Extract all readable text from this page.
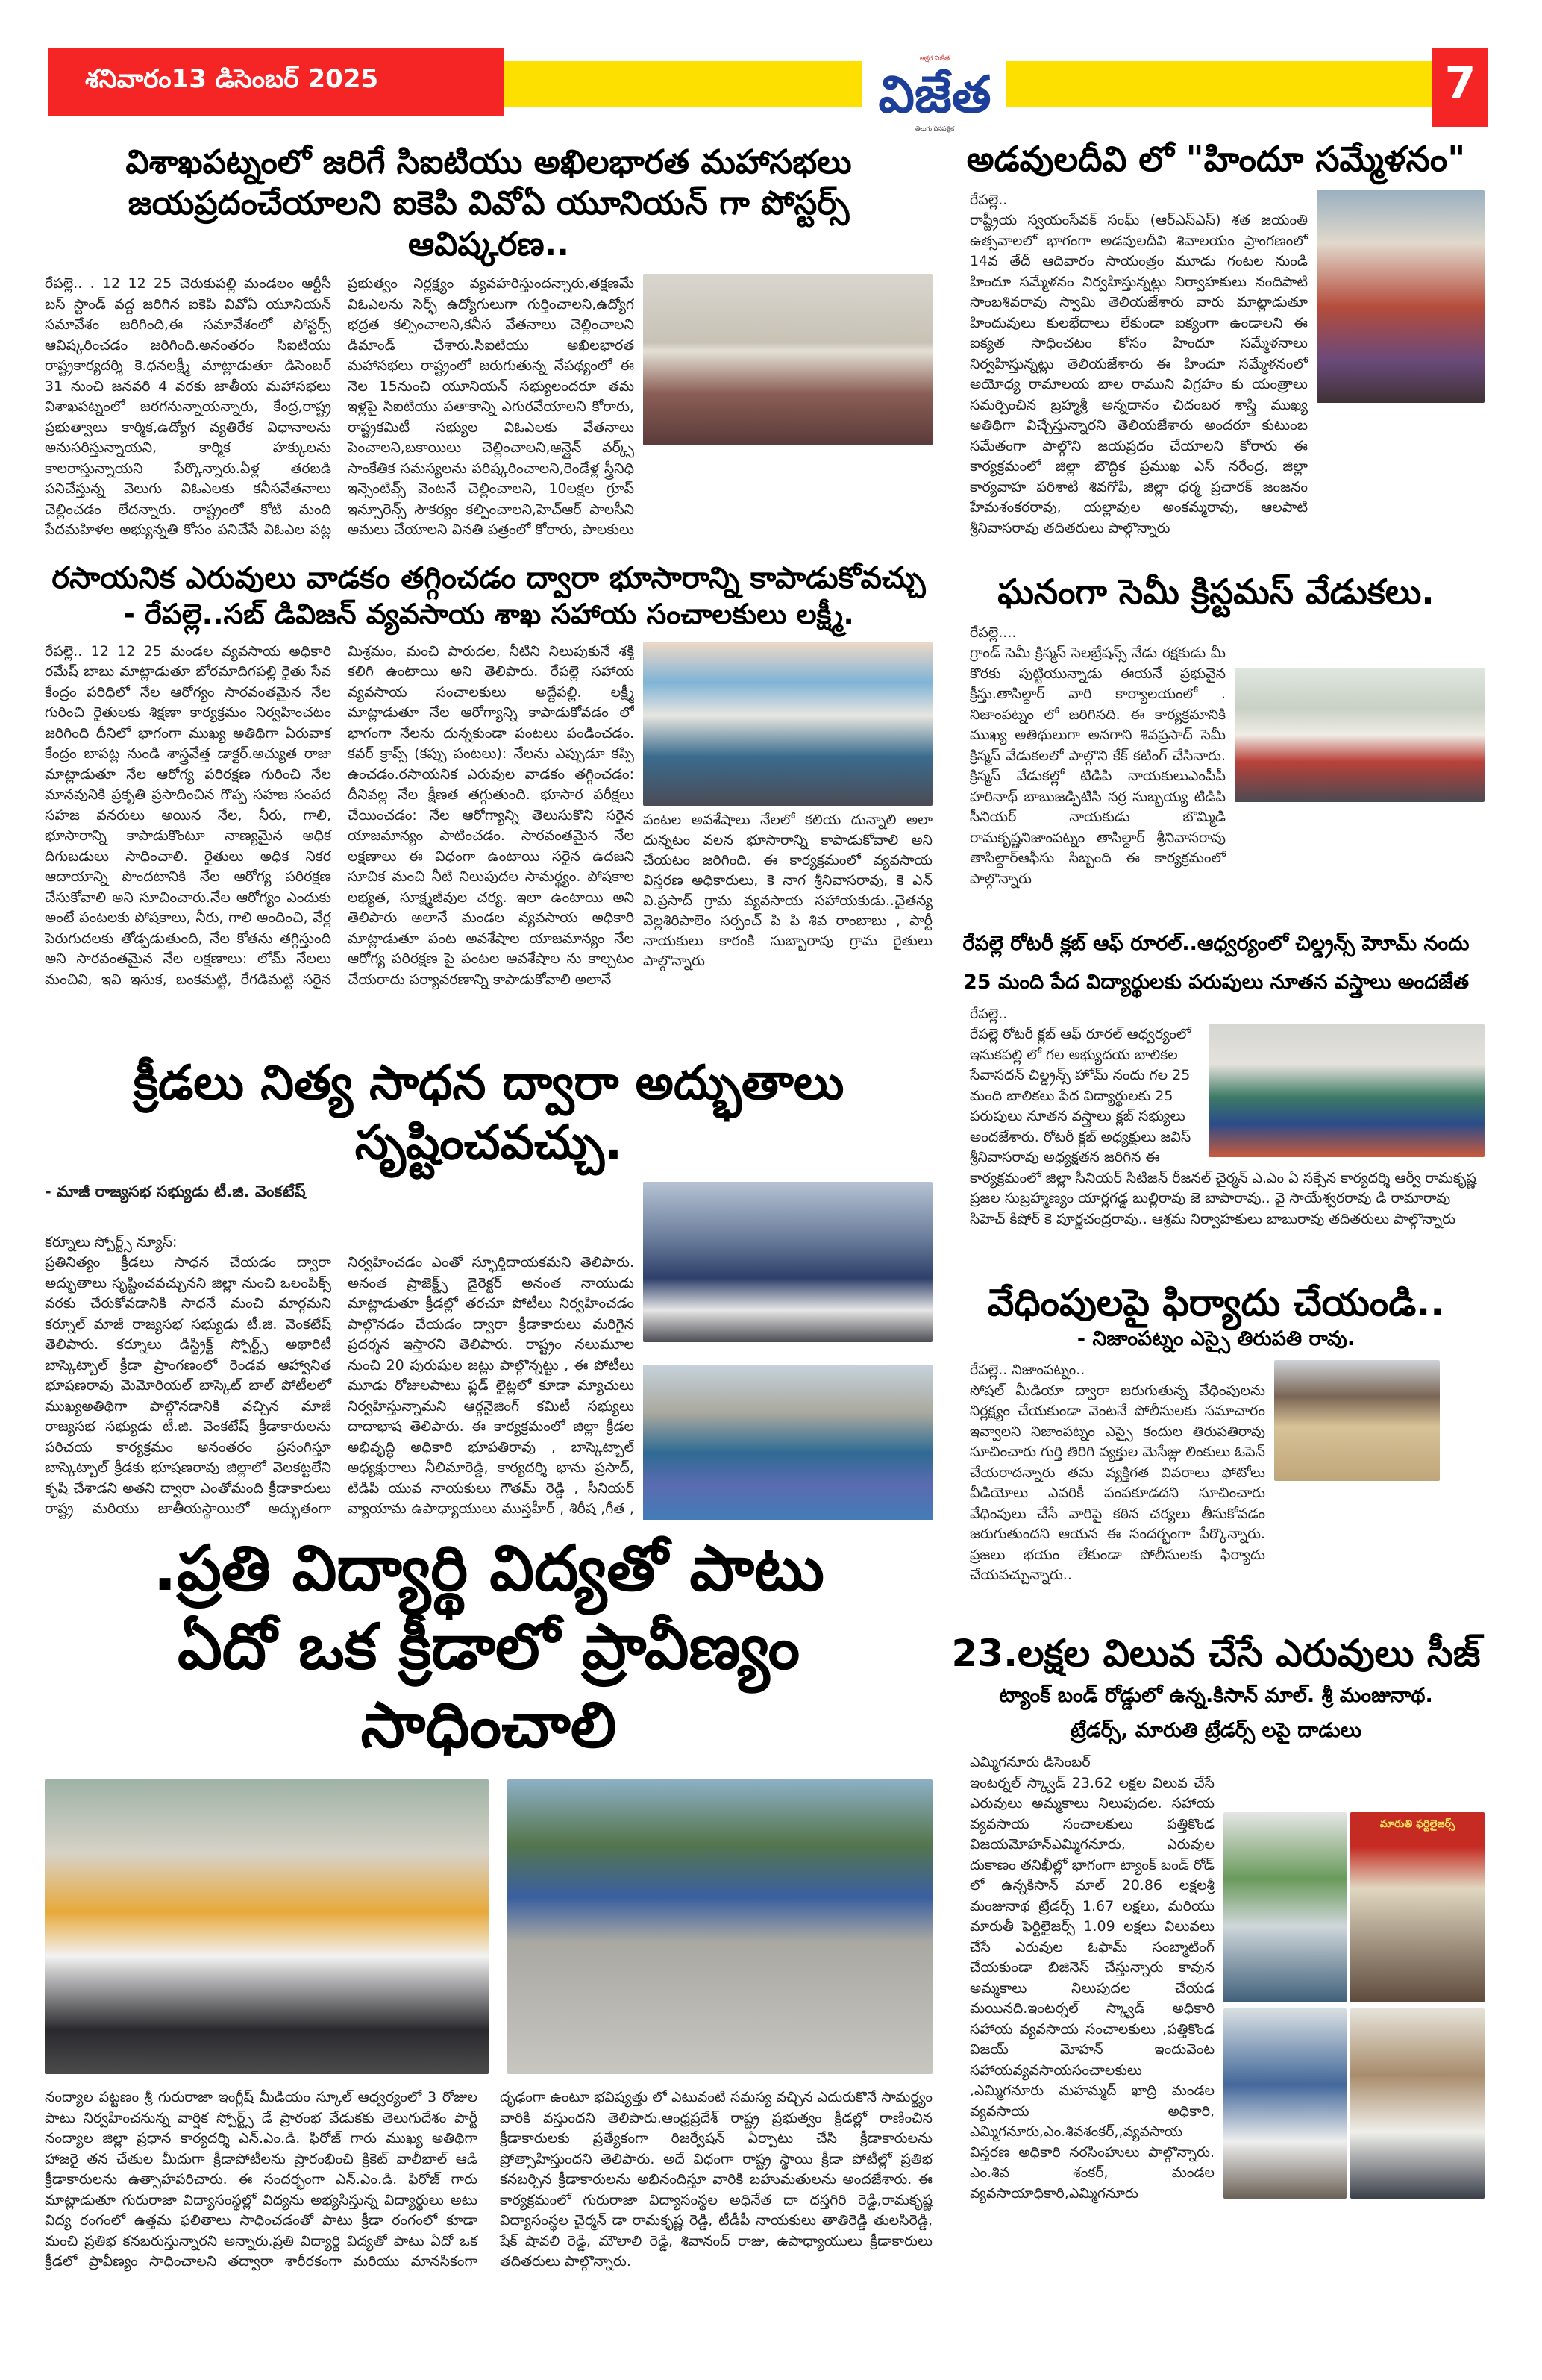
శనివారం13 డిసెంబర్ 2025
అక్షర విజేత
విజేత
తెలుగు దినపత్రిక
7
విశాఖపట్నంలో జరిగే సిఐటియు అఖిలభారత మహాసభలు
జయప్రదంచేయాలని ఐకెపి వివోఏ యూనియన్ గా పోస్టర్స్ ఆవిష్కరణ..
రేపల్లె.. . 12 12 25 చెరుకుపల్లి మండలం ఆర్టీసీ బస్ స్టాండ్ వద్ద జరిగిన ఐకెపి వివోఏ యూనియన్ సమావేశం జరిగింది,ఈ సమావేశంలో పోస్టర్స్ ఆవిష్కరించడం జరిగింది.అనంతరం సిఐటియు రాష్ట్రకార్యదర్శి కె.ధనలక్ష్మీ మాట్లాడుతూ డిసెంబర్ 31 నుంచి జనవరి 4 వరకు జాతీయ మహాసభలు విశాఖపట్నంలో జరగనున్నాయన్నారు, కేంద్ర,రాష్ట్ర ప్రభుత్వాలు కార్మిక,ఉద్యోగ వ్యతిరేక విధానాలను అనుసరిస్తున్నాయని, కార్మిక హక్కులను కాలరాస్తున్నాయని పేర్కొన్నారు.ఏళ్ల తరబడి పనిచేస్తున్న వెలుగు విఓఎలకు కనీసవేతనాలు చెల్లించడం లేదన్నారు. రాష్ట్రంలో కోటి మంది పేదమహిళల అభ్యున్నతి కోసం పనిచేసే విఓఎల పట్ల ప్రభుత్వం నిర్లక్ష్యం వ్యవహరిస్తుందన్నారు,తక్షణమే విఓఎలను సెర్ఫ్ ఉద్యోగులుగా గుర్తించాలని,ఉద్యోగ భద్రత కల్పించాలని,కనీస వేతనాలు చెల్లించాలని డిమాండ్ చేశారు.సిఐటియు అఖిలభారత మహాసభలు రాష్ట్రంలో జరుగుతున్న నేపథ్యంలో ఈ నెల 15నుంచి యూనియన్ సభ్యులందరూ తమ ఇళ్లపై సిఐటియు పతాకాన్ని ఎగురవేయాలని కోరారు, రాష్ట్రకమిటీ సభ్యుల విఓఎలకు వేతనాలు పెంచాలని,బకాయిలు చెల్లించాలని,ఆన్లైన్ వర్క్స్ సాంకేతిక సమస్యలను పరిష్కరించాలని,రెండేళ్ల స్త్రీనిధి ఇన్సెంటివ్స్ వెంటనే చెల్లించాలని, 10లక్షల గ్రూప్ ఇన్సూరెన్స్ సౌకర్యం కల్పించాలని,హెచ్ఆర్ పాలసీని అమలు చేయాలని వినతి పత్రంలో కోరారు, పాలకులు
రసాయనిక ఎరువులు వాడకం తగ్గించడం ద్వారా భూసారాన్ని కాపాడుకోవచ్చు
- రేపల్లె..సబ్ డివిజన్ వ్యవసాయ శాఖ సహాయ సంచాలకులు లక్ష్మీ.
రేపల్లె.. 12 12 25 మండల వ్యవసాయ అధికారి రమేష్ బాబు మాట్లాడుతూ బోరమాదిగపల్లి రైతు సేవ కేంద్రం పరిధిలో నేల ఆరోగ్యం సారవంతమైన నేల గురించి రైతులకు శిక్షణా కార్యక్రమం నిర్వహించటం జరిగింది దీనిలో భాగంగా ముఖ్య అతిథిగా ఏరువాక కేంద్రం బాపట్ల నుండి శాస్త్రవేత్త డాక్టర్.అచ్యుత రాజు మాట్లాడుతూ నేల ఆరోగ్య పరిరక్షణ గురించి నేల మానవునికి ప్రకృతి ప్రసాదించిన గొప్ప సహజ సంపద సహజ వనరులు అయిన నేల, నీరు, గాలి, భూసారాన్ని కాపాడుకొంటూ నాణ్యమైన అధిక దిగుబడులు సాధించాలి. రైతులు అధిక నికర ఆదాయాన్ని పొందటానికి నేల ఆరోగ్య పరిరక్షణ చేసుకోవాలి అని సూచించారు.నేల ఆరోగ్యం ఎందుకు అంటే పంటలకు పోషకాలు, నీరు, గాలి అందించి, వేర్ల పెరుగుదలకు తోడ్పడుతుంది, నేల కోతను తగ్గిస్తుంది అని సారవంతమైన నేల లక్షణాలు: లోమ్ నేలలు మంచివి, ఇవి ఇసుక, బంకమట్టి, రేగడిమట్టి సరైన మిశ్రమం, మంచి పారుదల, నీటిని నిలుపుకునే శక్తి కలిగి ఉంటాయి అని తెలిపారు. రేపల్లె సహాయ వ్యవసాయ సంచాలకులు అద్దేపల్లి. లక్ష్మీ మాట్లాడుతూ నేల ఆరోగ్యాన్ని కాపాడుకోవడం లో భాగంగా నేలను దున్నకుండా పంటలు పండించడం. కవర్ క్రాప్స్ (కప్పు పంటలు): నేలను ఎప్పుడూ కప్పి ఉంచడం.రసాయనిక ఎరువుల వాడకం తగ్గించడం: దీనివల్ల నేల క్షీణత తగ్గుతుంది. భూసార పరీక్షలు చేయించడం: నేల ఆరోగ్యాన్ని తెలుసుకొని సరైన యాజమాన్యం పాటించడం. సారవంతమైన నేల లక్షణాలు ఈ విధంగా ఉంటాయి సరైన ఉదజని సూచిక మంచి నీటి నిలుపుదల సామర్థ్యం. పోషకాల లభ్యత, సూక్ష్మజీవుల చర్య. ఇలా ఉంటాయి అని తెలిపారు అలానే మండల వ్యవసాయ అధికారి మాట్లాడుతూ పంట అవశేషాల యాజమాన్యం నేల ఆరోగ్య పరిరక్షణ పై పంటల అవశేషాల ను కాల్చటం చేయరాదు పర్యావరణాన్ని కాపాడుకోవాలి అలానే
పంటల అవశేషాలు నేలలో కలియ దున్నాలి అలా దున్నటం వలన భూసారాన్ని కాపాడుకోవాలి అని చేయటం జరిగింది. ఈ కార్యక్రమంలో వ్యవసాయ విస్తరణ అధికారులు, కె నాగ శ్రీనివాసరావు, కె ఎన్ వి.ప్రసాద్ గ్రామ వ్యవసాయ సహాయకుడు..చైతన్య వెల్లశిరిపాలెం సర్పంచ్ పి పి శివ రాంబాబు , పార్టీ నాయకులు కారంకి సుబ్బారావు గ్రామ రైతులు పాల్గొన్నారు
క్రీడలు నిత్య సాధన ద్వారా అద్భుతాలు సృష్టించవచ్చు.
- మాజీ రాజ్యసభ సభ్యుడు టీ.జి. వెంకటేష్
కర్నూలు స్పోర్ట్స్ న్యూస్:
ప్రతినిత్యం క్రీడలు సాధన చేయడం ద్వారా అద్భుతాలు సృష్టించవచ్చునని జిల్లా నుంచి ఒలంపిక్స్ వరకు చేరుకోవడానికి సాధనే మంచి మార్గమని కర్నూల్ మాజీ రాజ్యసభ సభ్యుడు టీ.జి. వెంకటేష్ తెలిపారు. కర్నూలు డిస్ట్రిక్ట్ స్పోర్ట్స్ అథారిటీ బాస్కెట్బాల్ క్రీడా ప్రాంగణంలో రెండవ ఆహ్వానిత భూషణరావు మెమోరియల్ బాస్కెట్ బాల్ పోటీలలో ముఖ్యఅతిథిగా పాల్గొనడానికి వచ్చిన మాజీ రాజ్యసభ సభ్యుడు టీ.జి. వెంకటేష్ క్రీడాకారులను పరిచయ కార్యక్రమం అనంతరం ప్రసంగిస్తూ బాస్కెట్బాల్ క్రీడకు భూషణరావు జిల్లాలో వెలకట్టలేని కృషి చేశాడని అతని ద్వారా ఎంతోమంది క్రీడాకారులు రాష్ట్ర మరియు జాతీయస్థాయిలో అద్భుతంగా నిర్వహించడం ఎంతో స్ఫూర్తిదాయకమని తెలిపారు. అనంత ప్రాజెక్ట్స్ డైరెక్టర్ అనంత నాయుడు మాట్లాడుతూ క్రీడల్లో తరచూ పోటీలు నిర్వహించడం పాల్గొనడం చేయడం ద్వారా క్రీడాకారులు మరిగైన ప్రదర్శన ఇస్తారని తెలిపారు. రాష్ట్రం నలుమూల నుంచి 20 పురుషుల జట్లు పాల్గొన్నట్టు , ఈ పోటీలు మూడు రోజులపాటు ఫ్లడ్ లైట్లలో కూడా మ్యాచులు నిర్వహిస్తున్నామని ఆర్గనైజింగ్ కమిటీ సభ్యులు దాదాభాష తెలిపారు. ఈ కార్యక్రమంలో జిల్లా క్రీడల అభివృద్ధి అధికారి భూపతిరావు , బాస్కెట్బాల్ అధ్యక్షురాలు నీలిమారెడ్డి, కార్యదర్శి భాను ప్రసాద్, టిడిపి యువ నాయకులు గౌతమ్ రెడ్డి , సీనియర్ వ్యాయామ ఉపాధ్యాయులు ముస్తహీర్ , శిరీష ,గీత ,
.ప్రతి విద్యార్థి విద్యతో పాటు
ఏదో ఒక క్రీడాలో ప్రావీణ్యం సాధించాలి
నంద్యాల పట్టణం శ్రీ గురురాజా ఇంగ్లీష్ మీడియం స్కూల్ ఆధ్వర్యంలో 3 రోజుల పాటు నిర్వహించనున్న వార్షిక స్పోర్ట్స్ డే ప్రారంభ వేడుకకు తెలుగుదేశం పార్టీ నంద్యాల జిల్లా ప్రధాన కార్యదర్శి ఎన్.ఎం.డి. ఫిరోజ్ గారు ముఖ్య అతిథిగా హాజరై తన చేతుల మీదుగా క్రీడాపోటీలను ప్రారంభించి క్రికెట్ వాలీబాల్ ఆడి క్రీడాకారులను ఉత్సాహపరిచారు. ఈ సందర్భంగా ఎన్.ఎం.డి. ఫిరోజ్ గారు మాట్లాడుతూ గురురాజా విద్యాసంస్థల్లో విద్యను అభ్యసిస్తున్న విద్యార్థులు అటు విద్య రంగంలో ఉత్తమ ఫలితాలు సాధించడంతో పాటు క్రీడా రంగంలో కూడా మంచి ప్రతిభ కనబరుస్తున్నారని అన్నారు.ప్రతి విద్యార్థి విద్యతో పాటు ఏదో ఒక క్రీడలో ప్రావీణ్యం సాధించాలని తద్వారా శారీరకంగా మరియు మానసికంగా దృఢంగా ఉంటూ భవిష్యత్తు లో ఎటువంటి సమస్య వచ్చిన ఎదురుకొనే సామర్థ్యం వారికి వస్తుందని తెలిపారు.ఆంధ్రప్రదేశ్ రాష్ట్ర ప్రభుత్వం క్రీడల్లో రాణించిన క్రీడాకారులకు ప్రత్యేకంగా రిజర్వేషన్ ఏర్పాటు చేసి క్రీడాకారులను ప్రోత్సాహిస్తుందని తెలిపారు. అదే విధంగా రాష్ట్ర స్థాయి క్రీడా పోటీల్లో ప్రతిభ కనబర్చిన క్రీడాకారులను అభినందిస్తూ వారికి బహుమతులను అందజేశారు. ఈ కార్యక్రమంలో గురురాజా విద్యాసంస్థల అధినేత దా దస్తగిరి రెడ్డి,రామకృష్ణ విద్యాసంస్థల చైర్మన్ డా రామకృష్ణ రెడ్డి, టీడీపీ నాయకులు తాతిరెడ్డి తులసిరెడ్డి, షేక్ షావలి రెడ్డి, మౌలాలి రెడ్డి, శివానంద్ రాజు, ఉపాధ్యాయులు క్రీడాకారులు తదితరులు పాల్గొన్నారు.
అడవులదీవి లో "హిందూ సమ్మేళనం"
రేపల్లె..
రాష్ట్రీయ స్వయంసేవక్ సంఘ్ (ఆర్ఎస్ఎస్) శత జయంతి ఉత్సవాలలో భాగంగా అడవులదీవి శివాలయం ప్రాంగణంలో 14వ తేదీ ఆదివారం సాయంత్రం మూడు గంటల నుండి హిందూ సమ్మేళనం నిర్వహిస్తున్నట్లు నిర్వాహకులు నందిపాటి సాంబశివరావు స్వామి తెలియజేశారు వారు మాట్లాడుతూ హిందువులు కులభేదాలు లేకుండా ఐక్యంగా ఉండాలని ఈ ఐక్యత సాధించటం కోసం హిందూ సమ్మేళనాలు నిర్వహిస్తున్నట్లు తెలియజేశారు ఈ హిందూ సమ్మేళనంలో అయోధ్య రామాలయ బాల రాముని విగ్రహం కు యంత్రాలు సమర్పించిన బ్రహ్మశ్రీ అన్నదానం చిదంబర శాస్త్రి ముఖ్య అతిథిగా విచ్చేస్తున్నారని తెలియజేశారు అందరూ కుటుంబ సమేతంగా పాల్గొని జయప్రదం చేయాలని కోరారు ఈ కార్యక్రమంలో జిల్లా బౌద్ధిక ప్రముఖ ఎస్ నరేంద్ర, జిల్లా కార్యవాహ పరిశాటి శివగోపి, జిల్లా ధర్మ ప్రచారక్ జంజనం హేమశంకరరావు, యల్లావుల అంకమ్మరావు, ఆలపాటి శ్రీనివాసరావు తదితరులు పాల్గొన్నారు
ఘనంగా సెమీ క్రిస్టమస్ వేడుకలు.
రేపల్లె....
గ్రాండ్ సెమీ క్రిస్మస్ సెలబ్రేషన్స్ నేడు రక్షకుడు మీ కొరకు పుట్టియున్నాడు ఈయనే ప్రభువైన క్రీస్తు.తాసిల్దార్ వారి కార్యాలయంలో . నిజాంపట్నం లో జరిగినది. ఈ కార్యక్రమానికి ముఖ్య అతిథులుగా అనగాని శివప్రసాద్ సెమీ క్రిస్మస్ వేడుకలలో పాల్గొని కేక్ కటింగ్ చేసినారు. క్రిస్మస్ వేడుకల్లో టిడిపి నాయకులుఎంపీపీ హరినాథ్ బాబుజడ్పిటిసి నర్ర సుబ్బయ్య టిడిపి సీనియర్ నాయకుడు బొమ్మిడి రామకృష్ణనిజాంపట్నం తాసిల్దార్ శ్రీనివాసరావు తాసిల్దార్ఆఫీసు సిబ్బంది ఈ కార్యక్రమంలో పాల్గొన్నారు
రేపల్లె రోటరీ క్లబ్ ఆఫ్ రూరల్..ఆధ్వర్యంలో చిల్డ్రన్స్ హెూమ్ నందు
25 మంది పేద విద్యార్థులకు పరుపులు నూతన వస్త్రాలు అందజేత
రేపల్లె..
రేపల్లె రోటరీ క్లబ్ ఆఫ్ రూరల్ ఆధ్వర్యంలో ఇసుకపల్లి లో గల అభ్యుదయ బాలికల సేవాసదన్ చిల్డ్రన్స్ హోమ్ నందు గల 25 మంది బాలికలు పేద విద్యార్థులకు 25 పరుపులు నూతన వస్త్రాలు క్లబ్ సభ్యులు అందజేశారు. రోటరీ క్లబ్ అధ్యక్షులు జవిస్ శ్రీనివాసరావు అధ్యక్షతన జరిగిన ఈ కార్యక్రమంలో జిల్లా సీనియర్ సిటిజన్ రీజనల్ చైర్మన్ ఎ.ఎం ఏ సక్సేన కార్యదర్శి ఆర్వీ రామకృష్ణ ప్రజల సుబ్రహ్మణ్యం యార్లగడ్డ బుల్లిరావు జె బాపారావు.. వై సాయేశ్వరరావు డి రామారావు సిహెచ్ కిషోర్ కె పూర్ణచంద్రరావు.. ఆశ్రమ నిర్వాహకులు బాబురావు తదితరులు పాల్గొన్నారు
వేధింపులపై ఫిర్యాదు చేయండి..
- నిజాంపట్నం ఎస్సై తిరుపతి రావు.
రేపల్లె.. నిజాంపట్నం..
సోషల్ మీడియా ద్వారా జరుగుతున్న వేధింపులను నిర్లక్ష్యం చేయకుండా వెంటనే పోలీసులకు సమాచారం ఇవ్వాలని నిజాంపట్నం ఎస్సై కందుల తిరుపతిరావు సూచించారు గుర్తి తిరిగి వ్యక్తుల మెసేజ్లు లింకులు ఓపెన్ చేయరాదన్నారు తమ వ్యక్తిగత వివరాలు ఫోటోలు వీడియోలు ఎవరికీ పంపకూడదని సూచించారు వేధింపులు చేసే వారిపై కఠిన చర్యలు తీసుకోవడం జరుగుతుందని ఆయన ఈ సందర్భంగా పేర్కొన్నారు. ప్రజలు భయం లేకుండా పోలీసులకు ఫిర్యాదు చేయవచ్చున్నారు..
23.లక్షల విలువ చేసే ఎరువులు సీజ్
ట్యాంక్ బండ్ రోడ్డులో ఉన్న.కిసాన్ మాల్. శ్రీ మంజునాథ.
ట్రేడర్స్, మారుతి ట్రేడర్స్ లపై దాడులు
ఎమ్మిగనూరు డిసెంబర్
ఇంటర్నల్ స్క్వాడ్ 23.62 లక్షల విలువ చేసే ఎరువులు అమ్మకాలు నిలుపుదల. సహాయ వ్యవసాయ సంచాలకులు పత్తికొండ విజయమోహన్ఎమ్మిగనూరు, ఎరువుల దుకాణం తనిఖీల్లో భాగంగా ట్యాంక్ బండ్ రోడ్ లో ఉన్నకిసాన్ మాల్ 20.86 లక్షలశ్రీ మంజునాథ ట్రేడర్స్ 1.67 లక్షలు, మరియు మారుతీ ఫెర్టిలైజర్స్ 1.09 లక్షలు విలువలు చేసే ఎరువుల ఓఫామ్ సంబ్మాటింగ్ చేయకుండా బిజినెస్ చేస్తున్నారు కావున అమ్మకాలు నిలుపుదల చేయడ మయినది.ఇంటర్నల్ స్క్వాడ్ అధికారి సహాయ వ్యవసాయ సంచాలకులు ,పత్తికొండ విజయ్ మోహన్ ఇందువెంట సహాయవ్యవసాయసంచాలకులు ,ఎమ్మిగనూరు మహమ్మద్ ఖాద్రి మండల వ్యవసాయ అధికారి, ఎమ్మిగనూరు,ఎం.శివశంకర్,,వ్యవసాయ విస్తరణ అధికారి నరసింహులు పాల్గొన్నారు. ఎం.శివ శంకర్, మండల వ్యవసాయాధికారి,ఎమ్మిగనూరు
మారుతి ఫర్టిలైజర్స్
